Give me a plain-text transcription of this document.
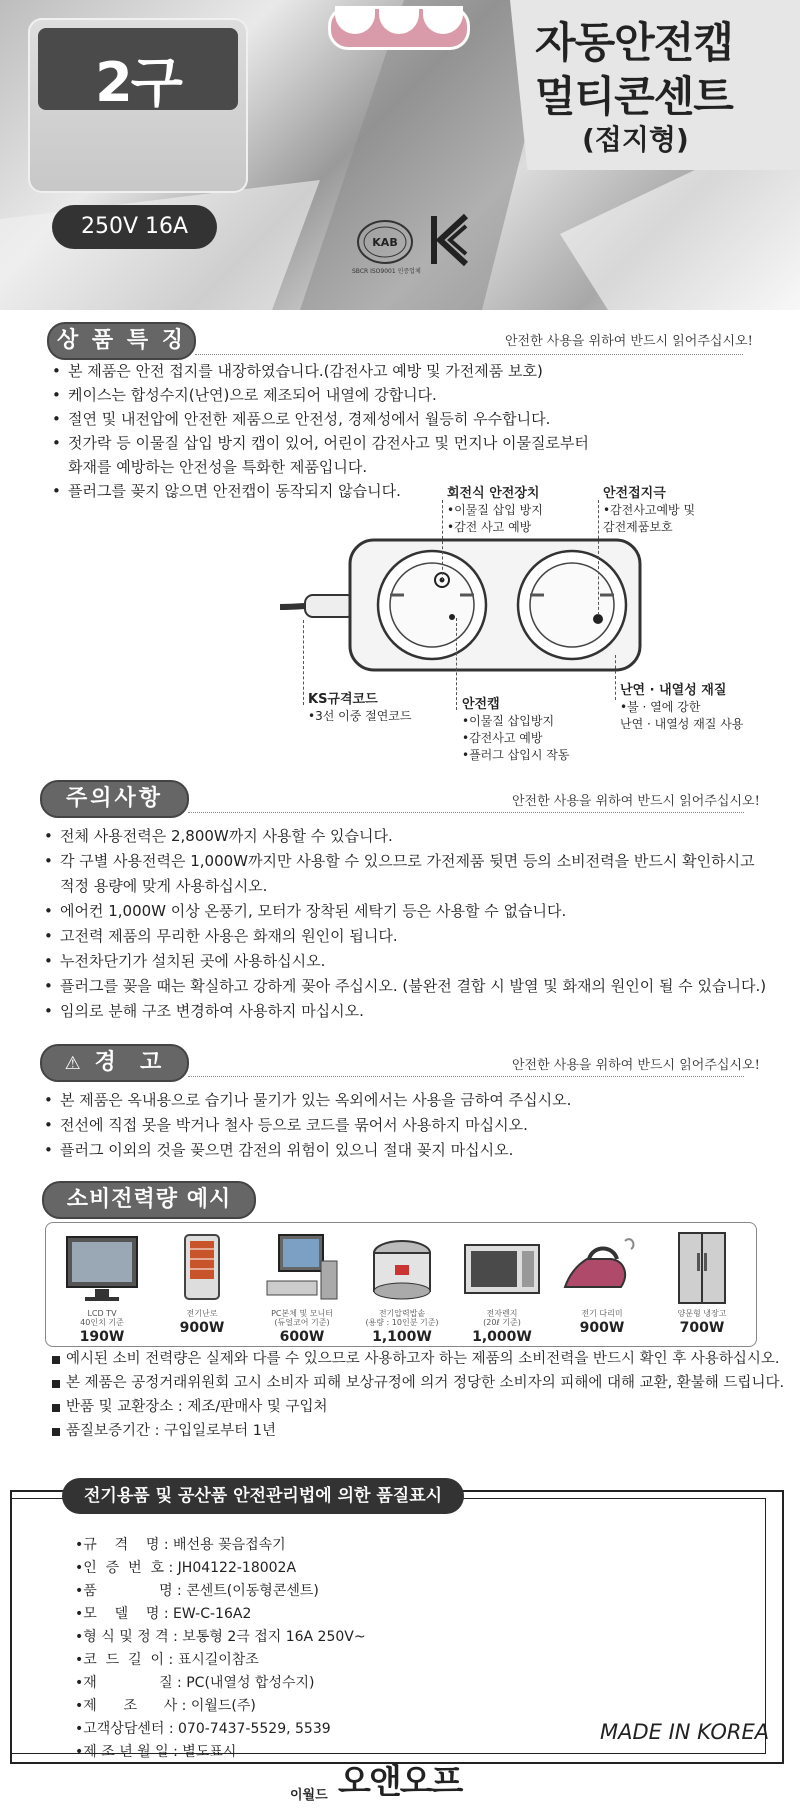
2구
250V 16A
자동안전캡
멀티콘센트
(접지형)
KAB
SBCR ISO9001 인증업체
상 품 특 징	안전한 사용을 위하여 반드시 읽어주십시오!
• 본 제품은 안전 접지를 내장하였습니다.(감전사고 예방 및 가전제품 보호)
• 케이스는 합성수지(난연)으로 제조되어 내열에 강합니다.
• 절연 및 내전압에 안전한 제품으로 안전성, 경제성에서 월등히 우수합니다.
• 젓가락 등 이물질 삽입 방지 캡이 있어, 어린이 감전사고 및 먼지나 이물질로부터
화재를 예방하는 안전성을 특화한 제품입니다.
• 플러그를 꽂지 않으면 안전캡이 동작되지 않습니다.	회전식 안전장치
•이물질 삽입 방지
•감전 사고 예방
안전접지극
•감전사고예방 및
감전제품보호
KS규격코드
•3선 이중 절연코드
안전캡
•이물질 삽입방지
•감전사고 예방
•플러그 삽입시 작동
난연 · 내열성 재질
•불 · 열에 강한
난연 · 내열성 재질 사용
주의사항	안전한 사용을 위하여 반드시 읽어주십시오!
• 전체 사용전력은 2,800W까지 사용할 수 있습니다.
• 각 구별 사용전력은 1,000W까지만 사용할 수 있으므로 가전제품 뒷면 등의 소비전력을 반드시 확인하시고
적정 용량에 맞게 사용하십시오.
• 에어컨 1,000W 이상 온풍기, 모터가 장착된 세탁기 등은 사용할 수 없습니다.
• 고전력 제품의 무리한 사용은 화재의 원인이 됩니다.
• 누전차단기가 설치된 곳에 사용하십시오.
• 플러그를 꽂을 때는 확실하고 강하게 꽂아 주십시오. (불완전 결합 시 발열 및 화재의 원인이 될 수 있습니다.)
• 임의로 분해 구조 변경하여 사용하지 마십시오.
⚠ 경  고	안전한 사용을 위하여 반드시 읽어주십시오!
• 본 제품은 옥내용으로 습기나 물기가 있는 옥외에서는 사용을 금하여 주십시오.
• 전선에 직접 못을 박거나 철사 등으로 코드를 묶어서 사용하지 마십시오.
• 플러그 이외의 것을 꽂으면 감전의 위험이 있으니 절대 꽂지 마십시오.
소비전력량 예시
LCD TV
40인치 기준
190W
전기난로
900W
PC본체 및 모니터
(듀얼코어 기준)
600W
전기압력밥솥
(용량 : 10인분 기준)
1,100W
전자렌지
(20ℓ 기준)
1,000W
전기 다리미
900W
양문형 냉장고
700W
예시된 소비 전력량은 실제와 다를 수 있으므로 사용하고자 하는 제품의 소비전력을 반드시 확인 후 사용하십시오.
본 제품은 공정거래위원회 고시 소비자 피해 보상규정에 의거 정당한 소비자의 피해에 대해 교환, 환불해 드립니다.
반품 및 교환장소 : 제조/판매사 및 구입처
품질보증기간 : 구입일로부터 1년
전기용품 및 공산품 안전관리법에 의한 품질표시
•규    격    명 : 배선용 꽂음접속기
•인  증  번  호 : JH04122-18002A
•품              명 : 콘센트(이동형콘센트)
•모    델    명 : EW-C-16A2
•형 식 및 정 격 : 보통형 2극 접지 16A 250V~
•코  드  길  이 : 표시길이참조
•재              질 : PC(내열성 합성수지)
•제      조      사 : 이월드(주)
•고객상담센터 : 070-7437-5529, 5539
•제 조 년 월 일 : 별도표시
MADE IN KOREA
이월드 오앤오프
